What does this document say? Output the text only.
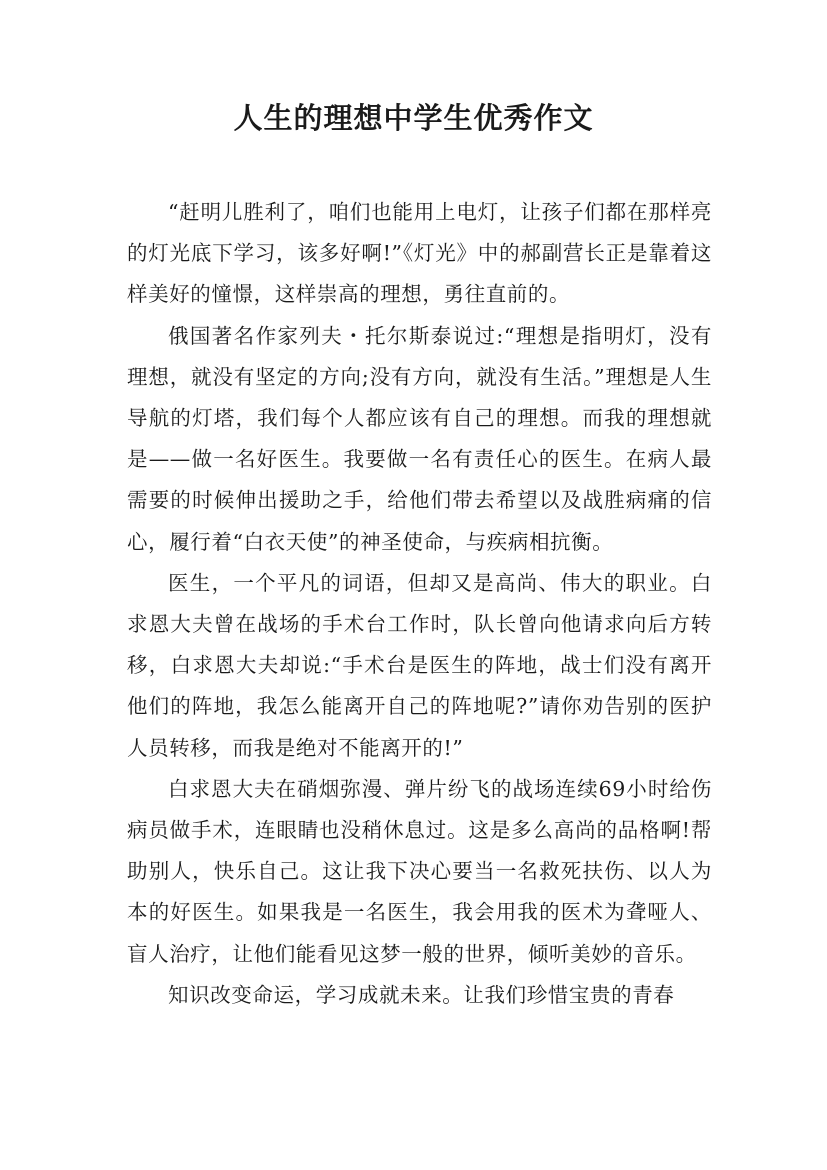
人生的理想中学生优秀作文

“赶明儿胜利了，咱们也能用上电灯，让孩子们都在那样亮的灯光底下学习，该多好啊!”《灯光》中的郝副营长正是靠着这样美好的憧憬，这样崇高的理想，勇往直前的。

俄国著名作家列夫・托尔斯泰说过:“理想是指明灯，没有理想，就没有坚定的方向;没有方向，就没有生活。”理想是人生导航的灯塔，我们每个人都应该有自己的理想。而我的理想就是——做一名好医生。我要做一名有责任心的医生。在病人最需要的时候伸出援助之手，给他们带去希望以及战胜病痛的信心，履行着“白衣天使”的神圣使命，与疾病相抗衡。

医生，一个平凡的词语，但却又是高尚、伟大的职业。白求恩大夫曾在战场的手术台工作时，队长曾向他请求向后方转移，白求恩大夫却说:“手术台是医生的阵地，战士们没有离开他们的阵地，我怎么能离开自己的阵地呢?”请你劝告别的医护人员转移，而我是绝对不能离开的!”

白求恩大夫在硝烟弥漫、弹片纷飞的战场连续69小时给伤病员做手术，连眼睛也没稍休息过。这是多么高尚的品格啊!帮助别人，快乐自己。这让我下决心要当一名救死扶伤、以人为本的好医生。如果我是一名医生，我会用我的医术为聋哑人、盲人治疗，让他们能看见这梦一般的世界，倾听美妙的音乐。

知识改变命运，学习成就未来。让我们珍惜宝贵的青春
